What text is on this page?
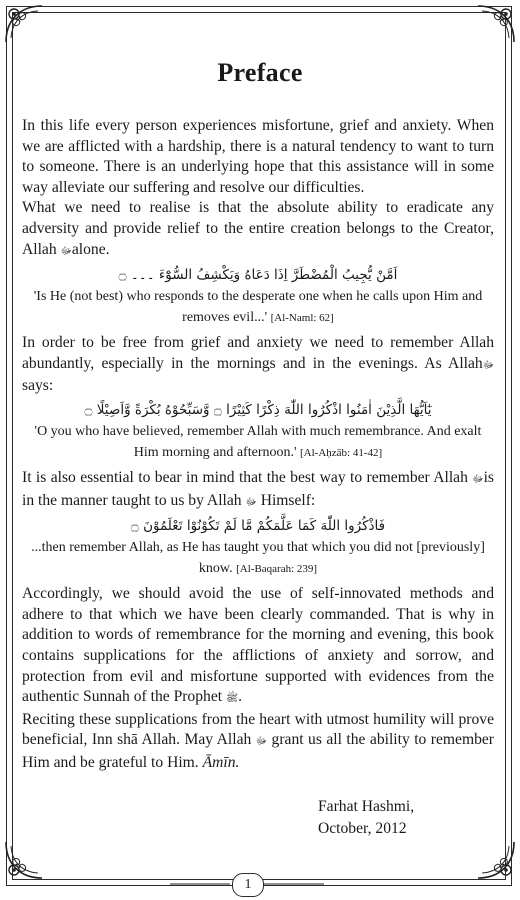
Preface

In this life every person experiences misfortune, grief and anxiety. When we are afflicted with a hardship, there is a natural tendency to want to turn to someone. There is an underlying hope that this assistance will in some way alleviate our suffering and resolve our difficulties.

What we need to realise is that the absolute ability to eradicate any adversity and provide relief to the entire creation belongs to the Creator, Allah ﷻalone.

اَمَّنْ يُّجِيبُ الْمُضْطَرَّ اِذَا دَعَاهُ وَيَكْشِفُ السُّوْٓءَ ۔۔۔ ۝
'Is He (not best) who responds to the desperate one when he calls upon Him and removes evil...' [Al-Naml: 62]

In order to be free from grief and anxiety we need to remember Allah abundantly, especially in the mornings and in the evenings. As Allahﷻ says:

يٰٓاَيُّهَا الَّذِيْنَ اٰمَنُوا اذْكُرُوا اللّٰهَ ذِكْرًا كَثِيْرًا ۝ وَّسَبِّحُوْهُ بُكْرَةً وَّاَصِيْلًا ۝
'O you who have believed, remember Allah with much remembrance. And exalt Him morning and afternoon.' [Al-Aḥzāb: 41-42]

It is also essential to bear in mind that the best way to remember Allah ﷻis in the manner taught to us by Allah ﷻ Himself:

فَاذْكُرُوا اللّٰهَ كَمَا عَلَّمَكُمْ مَّا لَمْ تَكُوْنُوْا تَعْلَمُوْنَ ۝
...then remember Allah, as He has taught you that which you did not [previously] know. [Al-Baqarah: 239]

Accordingly, we should avoid the use of self-innovated methods and adhere to that which we have been clearly commanded. That is why in addition to words of remembrance for the morning and evening, this book contains supplications for the afflictions of anxiety and sorrow, and protection from evil and misfortune supported with evidences from the authentic Sunnah of the Prophet ﷺ.

Reciting these supplications from the heart with utmost humility will prove beneficial, Inn shā Allah. May Allah ﷻ grant us all the ability to remember Him and be grateful to Him. Āmīn.

Farhat Hashmi,
October, 2012
1
